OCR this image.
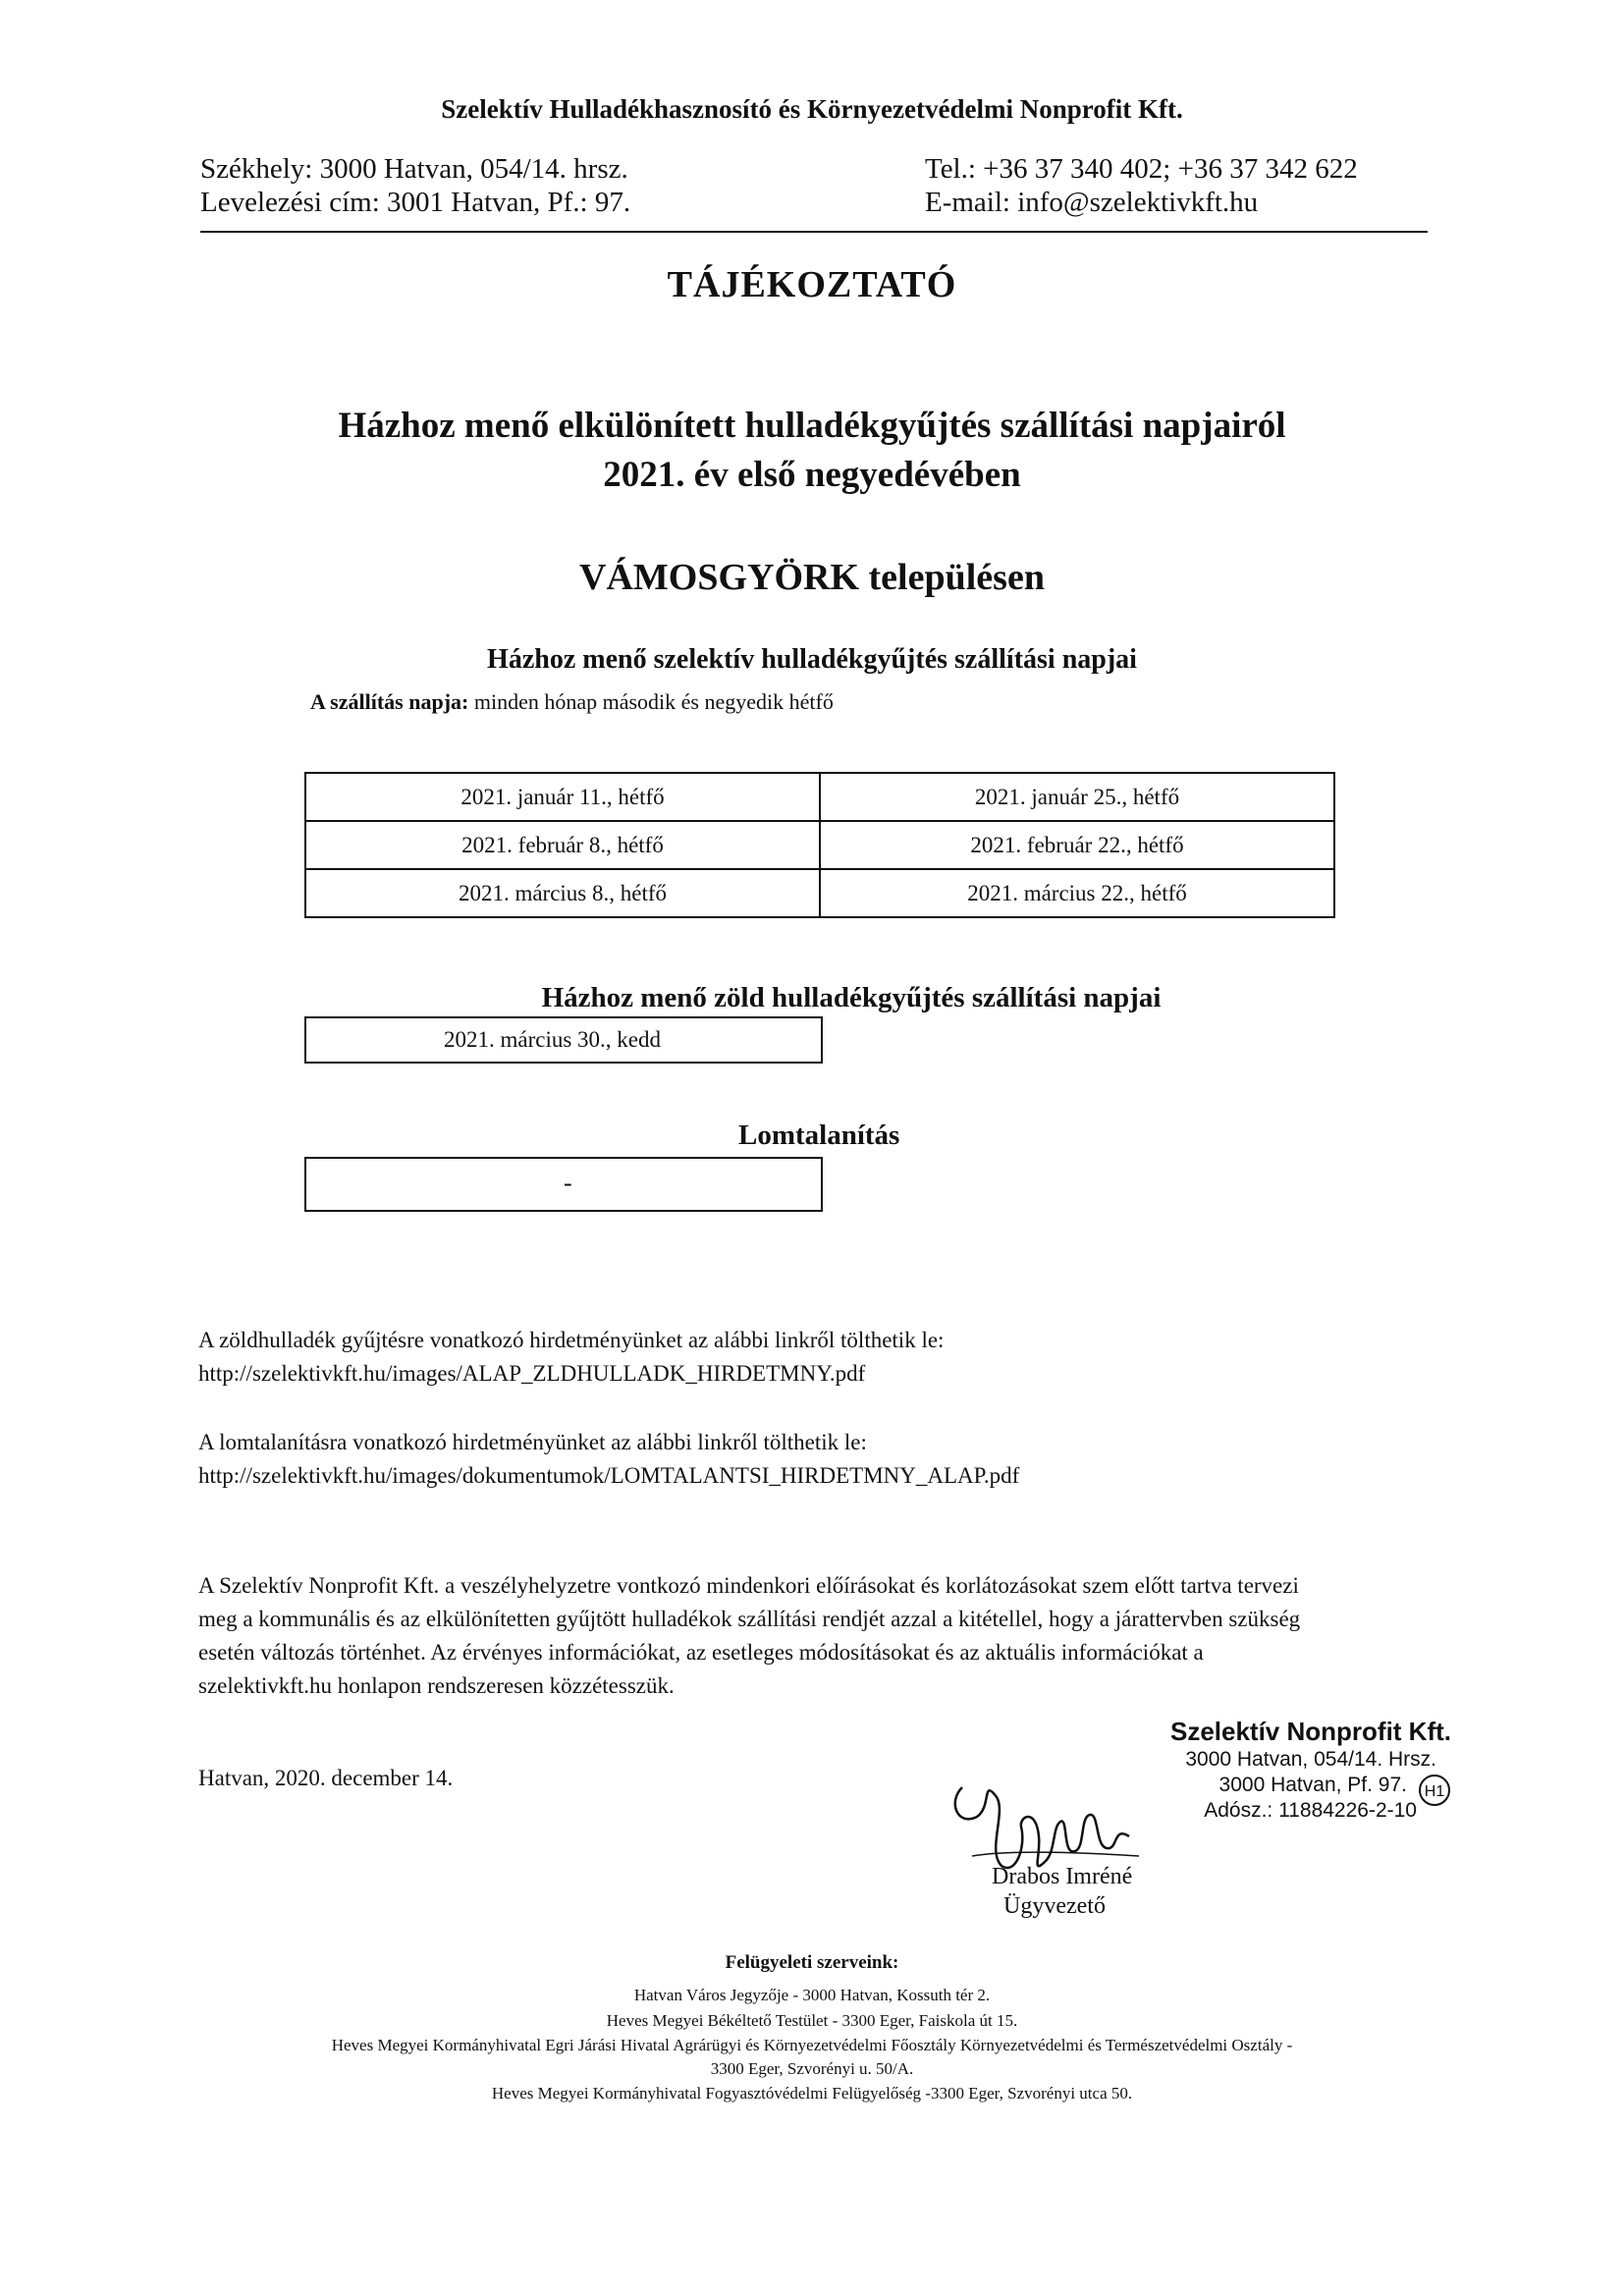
Szelektív Hulladékhasznosító és Környezetvédelmi Nonprofit Kft.
Székhely: 3000 Hatvan, 054/14. hrsz.
Levelezési cím: 3001 Hatvan, Pf.: 97.
Tel.: +36 37 340 402; +36 37 342 622
E-mail: info@szelektivkft.hu
TÁJÉKOZTATÓ
Házhoz menő elkülönített hulladékgyűjtés szállítási napjairól
2021. év első negyedévében
VÁMOSGYÖRK településen
Házhoz menő szelektív hulladékgyűjtés szállítási napjai
A szállítás napja: minden hónap második és negyedik hétfő
2021. január 11., hétfő	2021. január 25., hétfő
2021. február 8., hétfő	2021. február 22., hétfő
2021. március 8., hétfő	2021. március 22., hétfő
Házhoz menő zöld hulladékgyűjtés szállítási napjai
2021. március 30., kedd
Lomtalanítás
-
A zöldhulladék gyűjtésre vonatkozó hirdetményünket az alábbi linkről tölthetik le:
http://szelektivkft.hu/images/ALAP_ZLDHULLADK_HIRDETMNY.pdf
A lomtalanításra vonatkozó hirdetményünket az alábbi linkről tölthetik le:
http://szelektivkft.hu/images/dokumentumok/LOMTALANTSI_HIRDETMNY_ALAP.pdf
A Szelektív Nonprofit Kft. a veszélyhelyzetre vontkozó mindenkori előírásokat és korlátozásokat szem előtt tartva tervezi
meg a kommunális és az elkülönítetten gyűjtött hulladékok szállítási rendjét azzal a kitétellel, hogy a járattervben szükség
esetén változás történhet. Az érvényes információkat, az esetleges módosításokat és az aktuális információkat a
szelektivkft.hu honlapon rendszeresen közzétesszük.
Szelektív Nonprofit Kft.
3000 Hatvan, 054/14. Hrsz.
3000 Hatvan, Pf. 97.
Adósz.: 11884226-2-10
H1
Hatvan, 2020. december 14.
Drabos Imréné
Ügyvezető
Felügyeleti szerveink:
Hatvan Város Jegyzője - 3000 Hatvan, Kossuth tér 2.
Heves Megyei Békéltető Testület - 3300 Eger, Faiskola út 15.
Heves Megyei Kormányhivatal Egri Járási Hivatal Agrárügyi és Környezetvédelmi Főosztály Környezetvédelmi és Természetvédelmi Osztály -
3300 Eger, Szvorényi u. 50/A.
Heves Megyei Kormányhivatal Fogyasztóvédelmi Felügyelőség -3300 Eger, Szvorényi utca 50.
